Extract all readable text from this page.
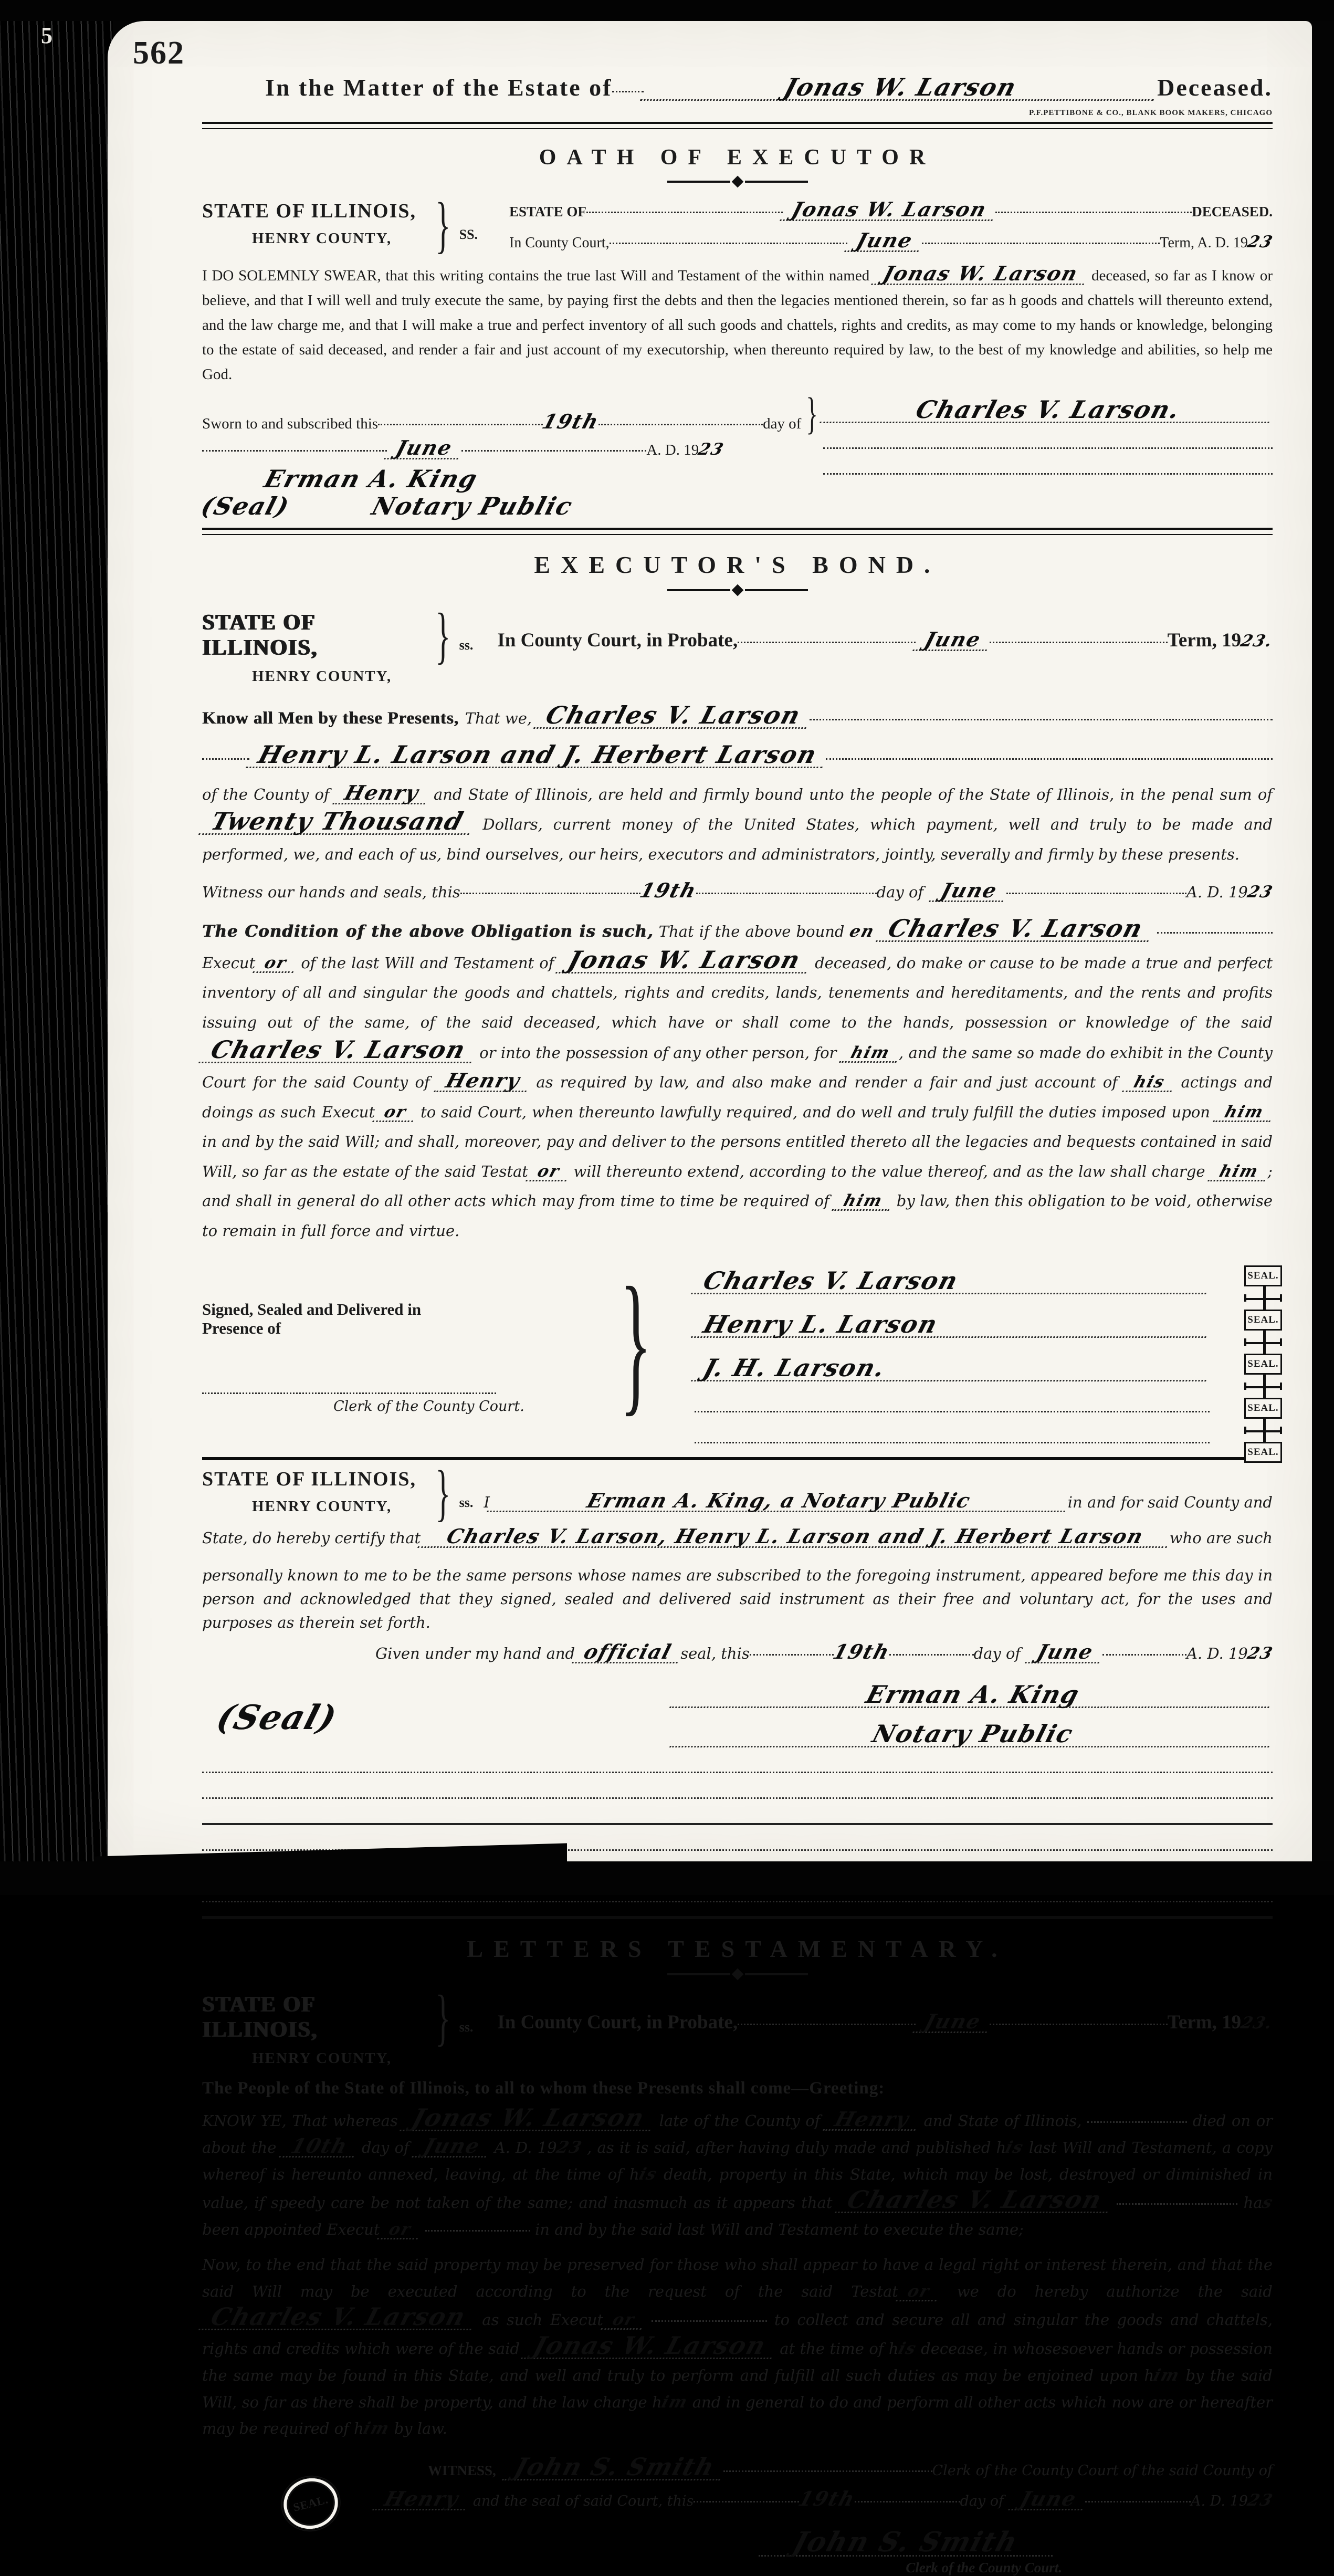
5 562
In the Matter of the Estate of	Jonas W. Larson	Deceased.
P.F.PETTIBONE & CO., BLANK BOOK MAKERS, CHICAGO
OATH OF EXECUTOR
STATE OF ILLINOIS,
HENRY COUNTY, } SS.
ESTATE OF	Jonas W. Larson	DECEASED.
In County Court,	June	Term, A. D. 19
23

I DO SOLEMNLY SWEAR, that this writing contains the true last Will and Testament of the within named Jonas W. Larson deceased, so far as I know or believe, and that I will well and truly execute the same, by paying first the debts and then the legacies mentioned therein, so far as h goods and chattels will thereunto extend, and the law charge me, and that I will make a true and perfect inventory of all such goods and chattels, rights and credits, as may come to my hands or knowledge, belonging to the estate of said deceased, and render a fair and just account of my executorship, when thereunto required by law, to the best of my knowledge and abilities, so help me God.

Sworn to and subscribed this	19th	day of }
June	A. D. 19
23
Erman A. King
(Seal)	Notary Public
Charles V. Larson.
EXECUTOR'S BOND.
STATE OF ILLINOIS,
HENRY COUNTY,
} ss. In County Court, in Probate,	June	Term, 19
23.
Know all Men by these Presents, That we, Charles V. Larson
Henry L. Larson and J. Herbert Larson

of the County of Henry and State of Illinois, are held and firmly bound unto the people of the State of Illinois, in the penal sum of Twenty Thousand Dollars, current money of the United States, which payment, well and truly to be made and performed, we, and each of us, bind ourselves, our heirs, executors and administrators, jointly, severally and firmly by these presents.

Witness our hands and seals, this	19th	day of June	A. D. 19
23

The Condition of the above Obligation is such, That if the above bound en Charles V. Larson  Execut or of the last Will and Testament of Jonas W. Larson deceased, do make or cause to be made a true and perfect inventory of all and singular the goods and chattels, rights and credits, lands, tenements and hereditaments, and the rents and profits issuing out of the same, of the said deceased, which have or shall come to the hands, possession or knowledge of the said Charles V. Larson or into the possession of any other person, for him , and the same so made do exhibit in the County Court for the said County of Henry as required by law, and also make and render a fair and just account of his actings and doings as such Execut or to said Court, when thereunto lawfully required, and do well and truly fulfill the duties imposed upon him in and by the said Will; and shall, moreover, pay and deliver to the persons entitled thereto all the legacies and bequests contained in said Will, so far as the estate of the said Testat or will thereunto extend, according to the value thereof, and as the law shall charge him ; and shall in general do all other acts which may from time to time be required of him by law, then this obligation to be void, otherwise to remain in full force and virtue.

Signed, Sealed and Delivered in Presence of	}
Clerk of the County Court.
Charles V. Larson
Henry L. Larson
J. H. Larson.
SEAL.
SEAL.
SEAL.
SEAL.
SEAL.
STATE OF ILLINOIS,
HENRY COUNTY, } ss. I	Erman A. King, a Notary Public	in and for said County and
State, do hereby certify that	Charles V. Larson, Henry L. Larson and J. Herbert Larson	who are such

personally known to me to be the same persons whose names are subscribed to the foregoing instrument, appeared before me this day in person and acknowledged that they signed, sealed and delivered said instrument as their free and voluntary act, for the uses and purposes as therein set forth.

Given under my hand and official seal, this	19th	day of June	A. D. 19
23
(Seal)
Erman A. King
Notary Public
LETTERS TESTAMENTARY.
STATE OF ILLINOIS,
HENRY COUNTY,
} ss. In County Court, in Probate,	June	Term, 19
23.
The People of the State of Illinois, to all to whom these Presents shall come—Greeting:

KNOW YE, That whereas Jonas W. Larson late of the County of Henry and State of Illinois,	died on or about the 10th day of June A. D. 1923 , as it is said, after having duly made and published his last Will and Testament, a copy whereof is hereunto annexed, leaving, at the time of his death, property in this State, which may be lost, destroyed or diminished in value, if speedy care be not taken of the same; and inasmuch as it appears that Charles V. Larson	has been appointed Execut or	in and by the said last Will and Testament to execute the same;

Now, to the end that the said property may be preserved for those who shall appear to have a legal right or interest therein, and that the said Will may be executed according to the request of the said Testat or we do hereby authorize the said Charles V. Larson as such Execut or	to collect and secure all and singular the goods and chattels, rights and credits which were of the said Jonas W. Larson at the time of his decease, in whosesoever hands or possession the same may be found in this State, and well and truly to perform and fulfill all such duties as may be enjoined upon him by the said Will, so far as there shall be property, and the law charge him and in general to do and perform all other acts which now are or hereafter may be required of him by law.

SEAL.
WITNESS, John S. Smith	Clerk of the County Court of the said County of
Henry and the seal of said Court, this	19th	day of June	A. D. 19
23
John S. Smith
Clerk of the County Court.
